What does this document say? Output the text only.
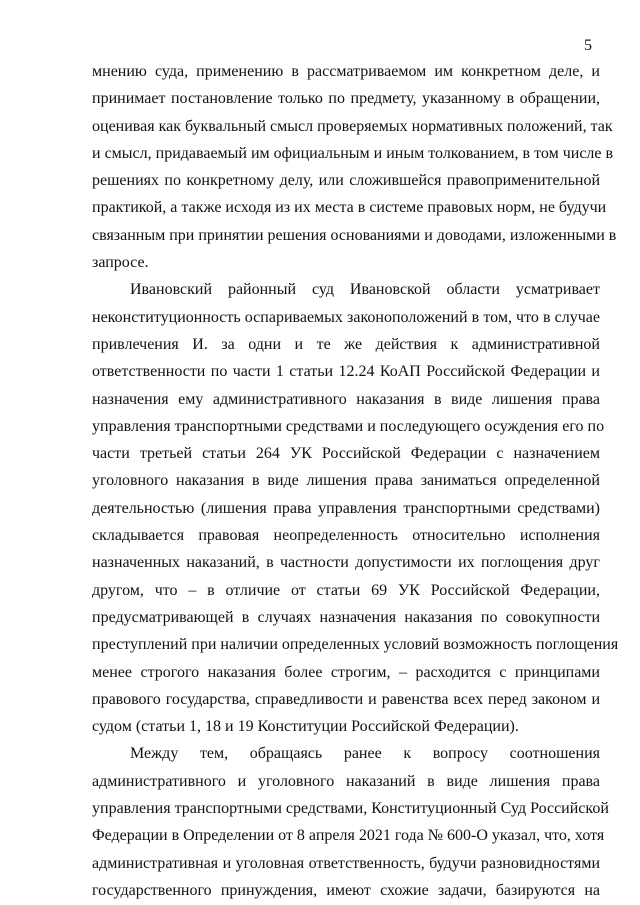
5
мнению суда, применению в рассматриваемом им конкретном деле, и
принимает постановление только по предмету, указанному в обращении,
оценивая как буквальный смысл проверяемых нормативных положений, так
и смысл, придаваемый им официальным и иным толкованием, в том числе в
решениях по конкретному делу, или сложившейся правоприменительной
практикой, а также исходя из их места в системе правовых норм, не будучи
связанным при принятии решения основаниями и доводами, изложенными в
запросе.
Ивановский районный суд Ивановской области усматривает
неконституционность оспариваемых законоположений в том, что в случае
привлечения И. за одни и те же действия к административной
ответственности по части 1 статьи 12.24 КоАП Российской Федерации и
назначения ему административного наказания в виде лишения права
управления транспортными средствами и последующего осуждения его по
части третьей статьи 264 УК Российской Федерации с назначением
уголовного наказания в виде лишения права заниматься определенной
деятельностью (лишения права управления транспортными средствами)
складывается правовая неопределенность относительно исполнения
назначенных наказаний, в частности допустимости их поглощения друг
другом, что – в отличие от статьи 69 УК Российской Федерации,
предусматривающей в случаях назначения наказания по совокупности
преступлений при наличии определенных условий возможность поглощения
менее строгого наказания более строгим, – расходится с принципами
правового государства, справедливости и равенства всех перед законом и
судом (статьи 1, 18 и 19 Конституции Российской Федерации).
Между тем, обращаясь ранее к вопросу соотношения
административного и уголовного наказаний в виде лишения права
управления транспортными средствами, Конституционный Суд Российской
Федерации в Определении от 8 апреля 2021 года № 600-О указал, что, хотя
административная и уголовная ответственность, будучи разновидностями
государственного принуждения, имеют схожие задачи, базируются на
